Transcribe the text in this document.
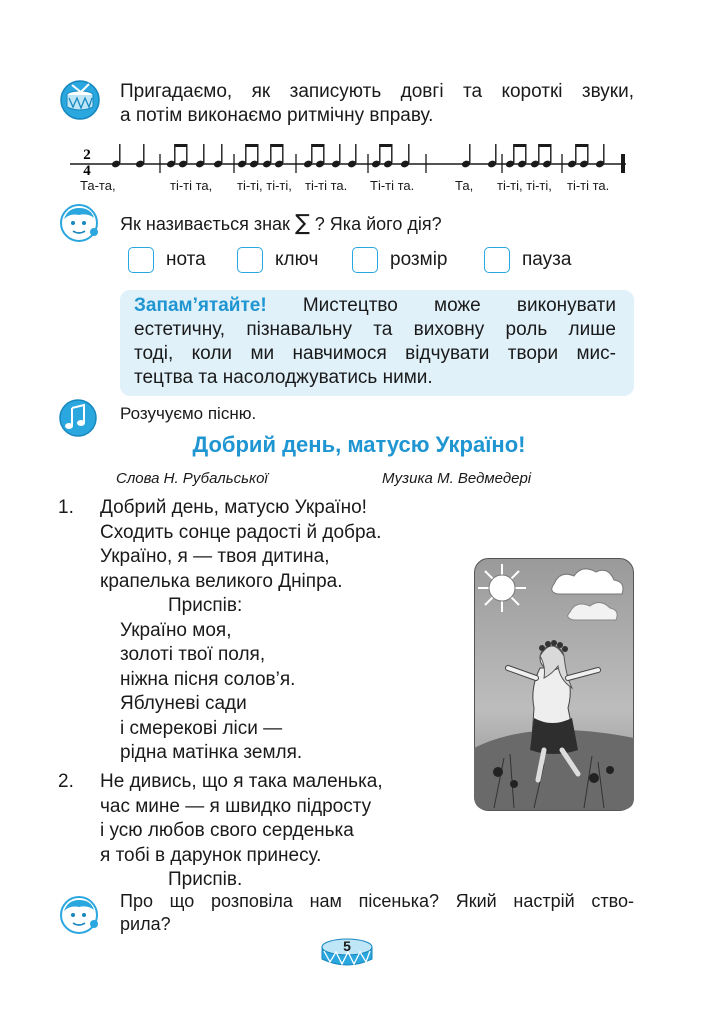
Пригадаємо, як записують довгі та короткі звуки,
а потім виконаємо ритмічну вправу.
2
4
Та-та,	ті-ті та, ті-ті, ті-ті, ті-ті та. Ті-ті та.	Та, ті-ті, ті-ті, ті-ті та.
Як називається знак ∑ ? Яка його дія?
нота	ключ	розмір	пауза
Запам’ятайте! Мистецтво може виконувати
естетичну, пізнавальну та виховну роль лише
тоді, коли ми навчимося відчувати твори мис-
тецтва та насолоджуватись ними.
Розучуємо пісню.
Добрий день, матусю Україно!
Слова Н. Рубальської	Музика М. Ведмедері
1.	Добрий день, матусю Україно!
Сходить сонце радості й добра.
Україно, я — твоя дитина,
крапелька великого Дніпра.
Приспів:
Україно моя,
золоті твої поля,
ніжна пісня солов’я.
Яблуневі сади
і смерекові ліси —
рідна матінка земля.
2.	Не дивись, що я така маленька,
час мине — я швидко підросту
і усю любов свого серденька
я тобі в дарунок принесу.
Приспів.
Про що розповіла нам пісенька? Який настрій ство-
рила?
5
